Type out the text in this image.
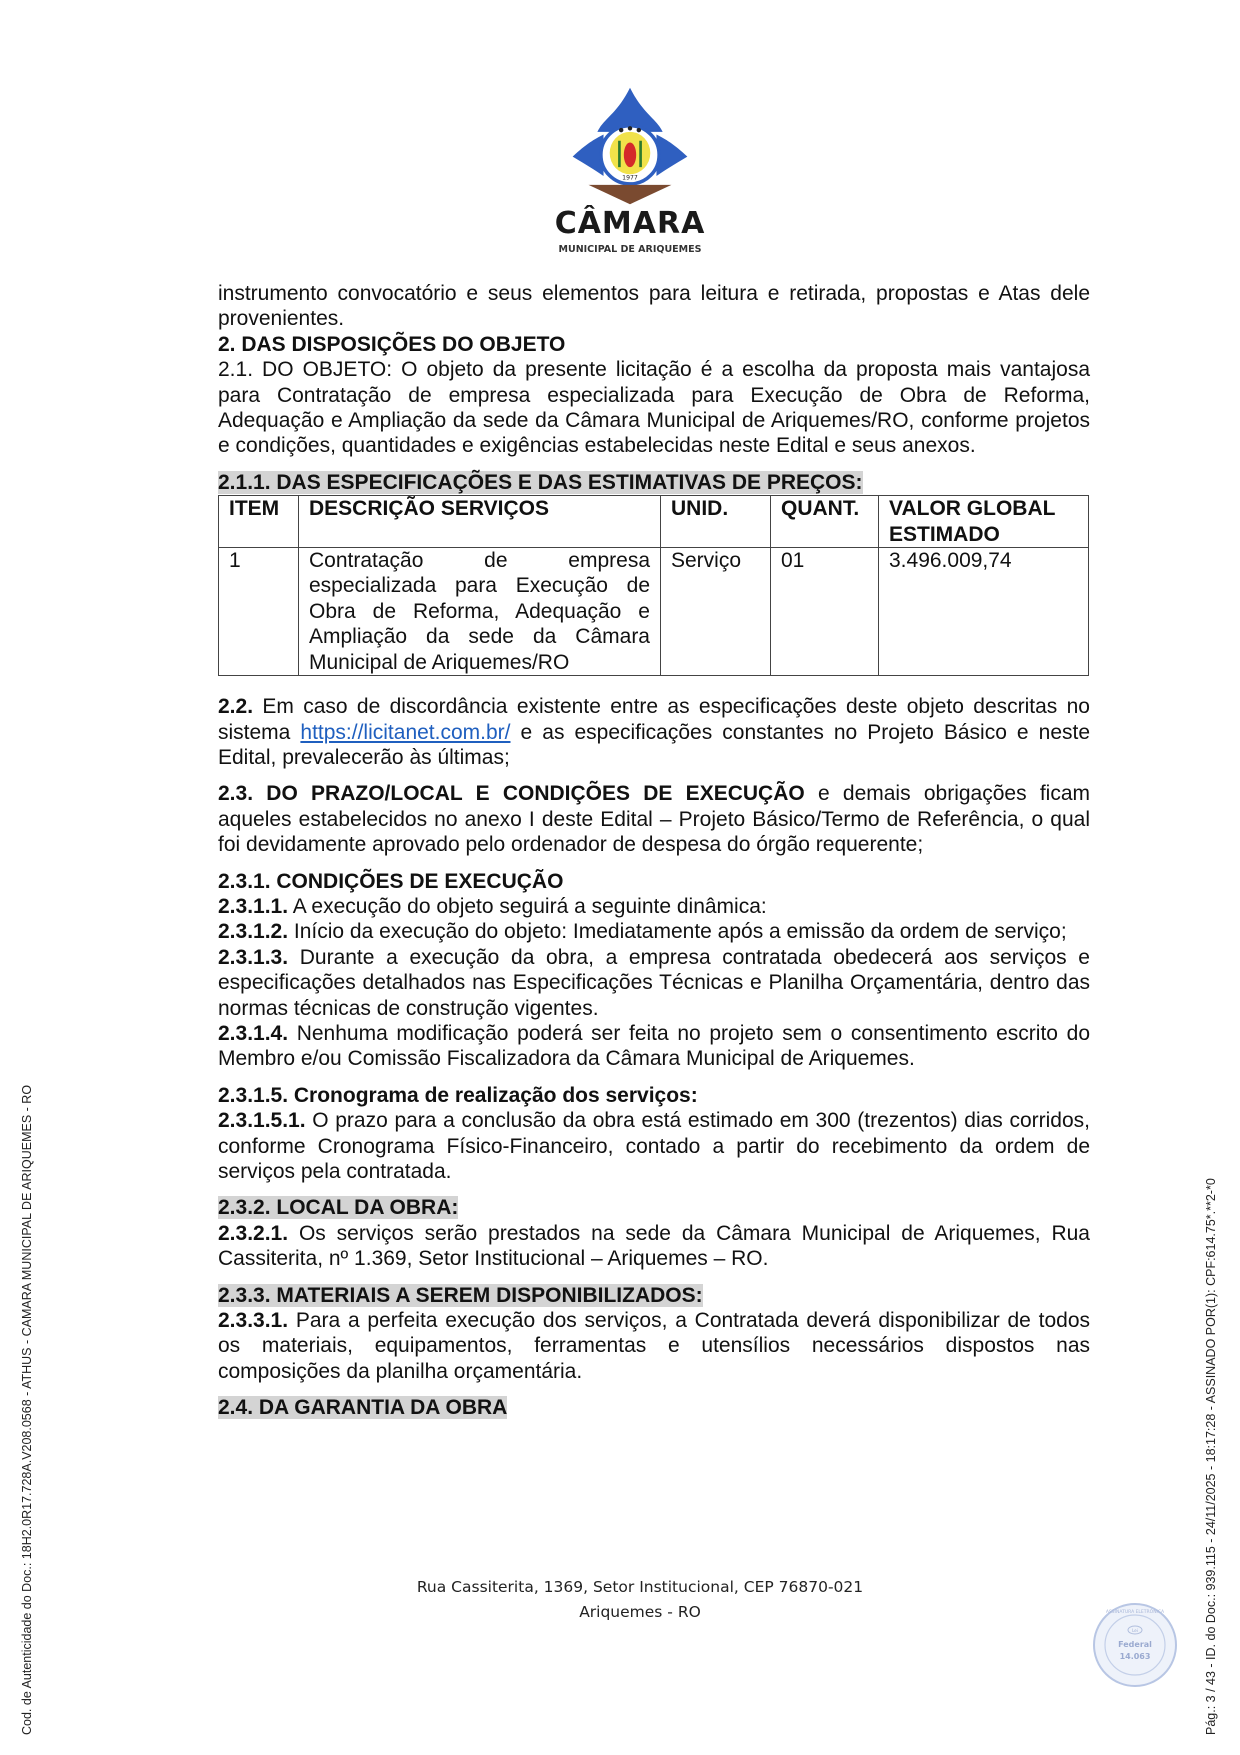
1977
CÂMARA
MUNICIPAL DE ARIQUEMES

instrumento convocatório e seus elementos para leitura e retirada, propostas e Atas dele provenientes.

2. DAS DISPOSIÇÕES DO OBJETO

2.1. DO OBJETO: O objeto da presente licitação é a escolha da proposta mais vantajosa para Contratação de empresa especializada para Execução de Obra de Reforma, Adequação e Ampliação da sede da Câmara Municipal de Ariquemes/RO, conforme projetos e condições, quantidades e exigências estabelecidas neste Edital e seus anexos.

2.1.1. DAS ESPECIFICAÇÕES E DAS ESTIMATIVAS DE PREÇOS:

ITEM	DESCRIÇÃO SERVIÇOS	UNID.	QUANT.	VALOR GLOBAL ESTIMADO
1	Contratação de empresa especializada para Execução de Obra de Reforma, Adequação e Ampliação da sede da Câmara Municipal de Ariquemes/RO	Serviço	01	3.496.009,74

2.2. Em caso de discordância existente entre as especificações deste objeto descritas no sistema https://licitanet.com.br/ e as especificações constantes no Projeto Básico e neste Edital, prevalecerão às últimas;

2.3. DO PRAZO/LOCAL E CONDIÇÕES DE EXECUÇÃO e demais obrigações ficam aqueles estabelecidos no anexo I deste Edital – Projeto Básico/Termo de Referência, o qual foi devidamente aprovado pelo ordenador de despesa do órgão requerente;

2.3.1. CONDIÇÕES DE EXECUÇÃO

2.3.1.1. A execução do objeto seguirá a seguinte dinâmica:

2.3.1.2. Início da execução do objeto: Imediatamente após a emissão da ordem de serviço;

2.3.1.3. Durante a execução da obra, a empresa contratada obedecerá aos serviços e especificações detalhados nas Especificações Técnicas e Planilha Orçamentária, dentro das normas técnicas de construção vigentes.

2.3.1.4. Nenhuma modificação poderá ser feita no projeto sem o consentimento escrito do Membro e/ou Comissão Fiscalizadora da Câmara Municipal de Ariquemes.

2.3.1.5. Cronograma de realização dos serviços:

2.3.1.5.1. O prazo para a conclusão da obra está estimado em 300 (trezentos) dias corridos, conforme Cronograma Físico-Financeiro, contado a partir do recebimento da ordem de serviços pela contratada.

2.3.2. LOCAL DA OBRA:

2.3.2.1. Os serviços serão prestados na sede da Câmara Municipal de Ariquemes, Rua Cassiterita, nº 1.369, Setor Institucional – Ariquemes – RO.

2.3.3. MATERIAIS A SEREM DISPONIBILIZADOS:

2.3.3.1. Para a perfeita execução dos serviços, a Contratada deverá disponibilizar de todos os materiais, equipamentos, ferramentas e utensílios necessários dispostos nas composições da planilha orçamentária.

2.4. DA GARANTIA DA OBRA

Rua Cassiterita, 1369, Setor Institucional, CEP 76870-021
Ariquemes - RO
Cod. de Autenticidade do Doc.: 18H2.0R17.728A.V208.0568 - ATHUS - CAMARA MUNICIPAL DE ARIQUEMES - RO	Pág.: 3 / 43 - ID. do Doc.: 939.115 - 24/11/2025 - 18:17:28 - ASSINADO POR(1): CPF:614.75*.**2-*0
ASSINATURA ELETRÔNICA
Lei
Federal
14.063
